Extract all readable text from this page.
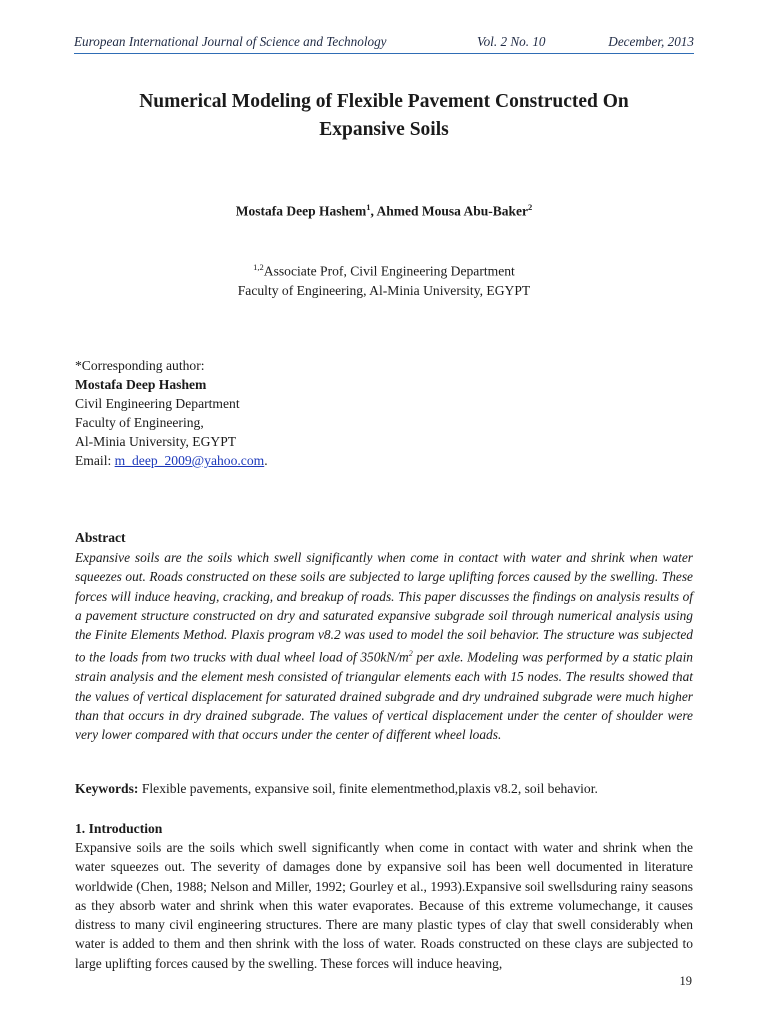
European International Journal of Science and Technology	Vol. 2 No. 10	December, 2013
Numerical Modeling of Flexible Pavement Constructed On
Expansive Soils
Mostafa Deep Hashem$^1$, Ahmed Mousa Abu-Baker$^2$
$^{1,2}$Associate Prof, Civil Engineering Department
Faculty of Engineering, Al-Minia University, EGYPT
*Corresponding author:
Mostafa Deep Hashem
Civil Engineering Department
Faculty of Engineering,
Al-Minia University, EGYPT
Email: m_deep_2009@yahoo.com.
Abstract

Expansive soils are the soils which swell significantly when come in contact with water and shrink when water squeezes out. Roads constructed on these soils are subjected to large uplifting forces caused by the swelling. These forces will induce heaving, cracking, and breakup of roads. This paper discusses the findings on analysis results of a pavement structure constructed on dry and saturated expansive subgrade soil through numerical analysis using the Finite Elements Method. Plaxis program v8.2 was used to model the soil behavior. The structure was subjected to the loads from two trucks with dual wheel load of $350kN/m^2$ per axle. Modeling was performed by a static plain strain analysis and the element mesh consisted of triangular elements each with 15 nodes. The results showed that the values of vertical displacement for saturated drained subgrade and dry undrained subgrade were much higher than that occurs in dry drained subgrade. The values of vertical displacement under the center of shoulder were very lower compared with that occurs under the center of different wheel loads.

Keywords: Flexible pavements, expansive soil, finite elementmethod,plaxis v8.2, soil behavior.
1. Introduction

Expansive soils are the soils which swell significantly when come in contact with water and shrink when the water squeezes out. The severity of damages done by expansive soil has been well documented in literature worldwide (Chen, 1988; Nelson and Miller, 1992; Gourley et al., 1993).Expansive soil swellsduring rainy seasons as they absorb water and shrink when this water evaporates. Because of this extreme volumechange, it causes distress to many civil engineering structures. There are many plastic types of clay that swell considerably when water is added to them and then shrink with the loss of water. Roads constructed on these clays are subjected to large uplifting forces caused by the swelling. These forces will induce heaving,

19
